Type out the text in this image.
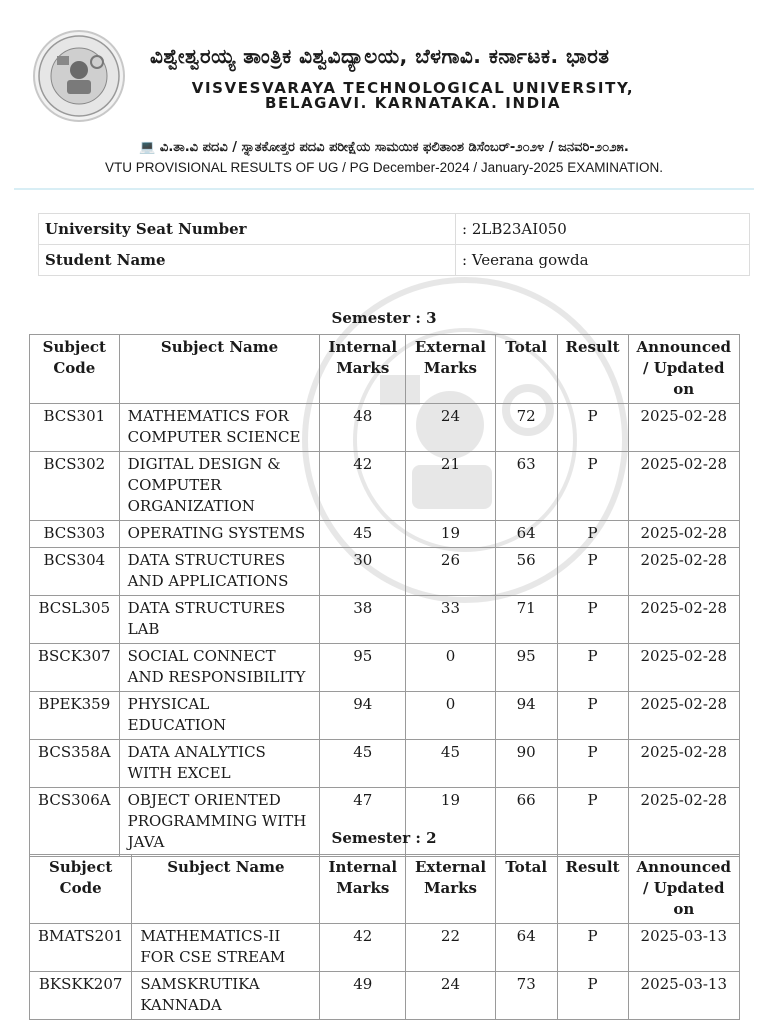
ವಿಶ್ವೇಶ್ವರಯ್ಯ ತಾಂತ್ರಿಕ ವಿಶ್ವವಿದ್ಯಾಲಯ, ಬೆಳಗಾವಿ. ಕರ್ನಾಟಕ. ಭಾರತ
VISVESVARAYA TECHNOLOGICAL UNIVERSITY,
BELAGAVI. KARNATAKA. INDIA
💻 ವಿ.ತಾ.ವಿ ಪದವಿ / ಸ್ನಾತಕೋತ್ತರ ಪದವಿ ಪರೀಕ್ಷೆಯ ಸಾಮಯಿಕ ಫಲಿತಾಂಶ ಡಿಸೆಂಬರ್-೨೦೨೪ / ಜನವರಿ-೨೦೨೫.
VTU PROVISIONAL RESULTS OF UG / PG December-2024 / January-2025 EXAMINATION.
University Seat Number	: 2LB23AI050
Student Name	: Veerana gowda
Semester : 3
Subject Code	Subject Name	Internal Marks	External Marks	Total	Result	Announced / Updated on
BCS301	MATHEMATICS FOR COMPUTER SCIENCE	48	24	72	P	2025-02-28
BCS302	DIGITAL DESIGN & COMPUTER ORGANIZATION	42	21	63	P	2025-02-28
BCS303	OPERATING SYSTEMS	45	19	64	P	2025-02-28
BCS304	DATA STRUCTURES AND APPLICATIONS	30	26	56	P	2025-02-28
BCSL305	DATA STRUCTURES LAB	38	33	71	P	2025-02-28
BSCK307	SOCIAL CONNECT AND RESPONSIBILITY	95	0	95	P	2025-02-28
BPEK359	PHYSICAL EDUCATION	94	0	94	P	2025-02-28
BCS358A	DATA ANALYTICS WITH EXCEL	45	45	90	P	2025-02-28
BCS306A	OBJECT ORIENTED PROGRAMMING WITH JAVA	47	19	66	P	2025-02-28
Semester : 2
Subject Code	Subject Name	Internal Marks	External Marks	Total	Result	Announced / Updated on
BMATS201	MATHEMATICS-II FOR CSE STREAM	42	22	64	P	2025-03-13
BKSKK207	SAMSKRUTIKA KANNADA	49	24	73	P	2025-03-13
